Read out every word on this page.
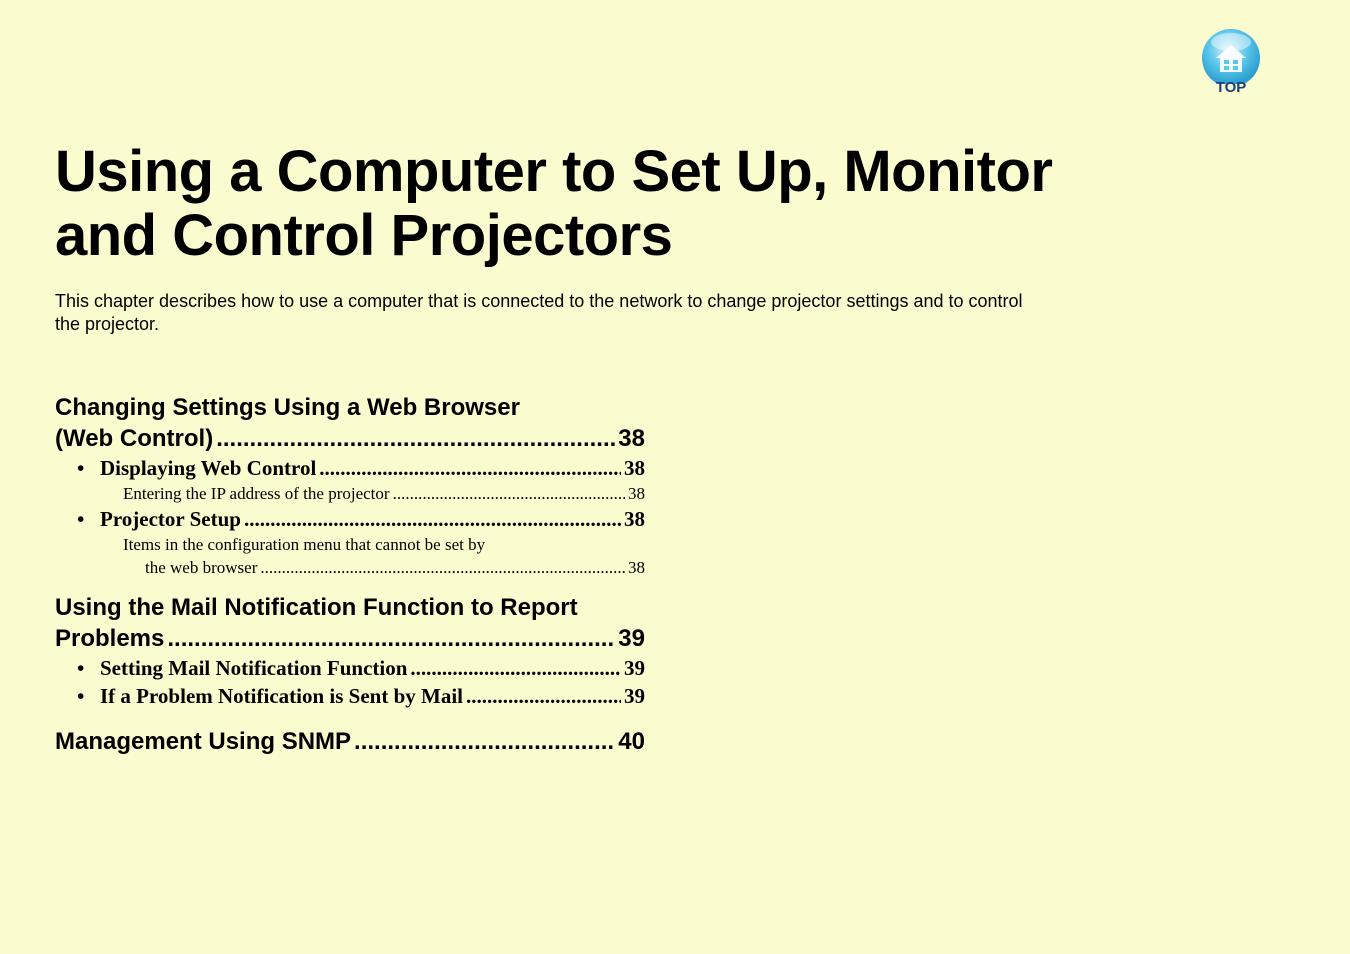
TOP
Using a Computer to Set Up, Monitor
and Control Projectors

This chapter describes how to use a computer that is connected to the network to change projector settings and to control the projector.

Changing Settings Using a Web Browser
(Web Control) .....	38
• Displaying Web Control .....	38
Entering the IP address of the projector .....	38
• Projector Setup .....	38
Items in the configuration menu that cannot be set by
the web browser .....	38
Using the Mail Notification Function to Report
Problems .....	39
• Setting Mail Notification Function .....	39
• If a Problem Notification is Sent by Mail .....	39
Management Using SNMP .....	40
